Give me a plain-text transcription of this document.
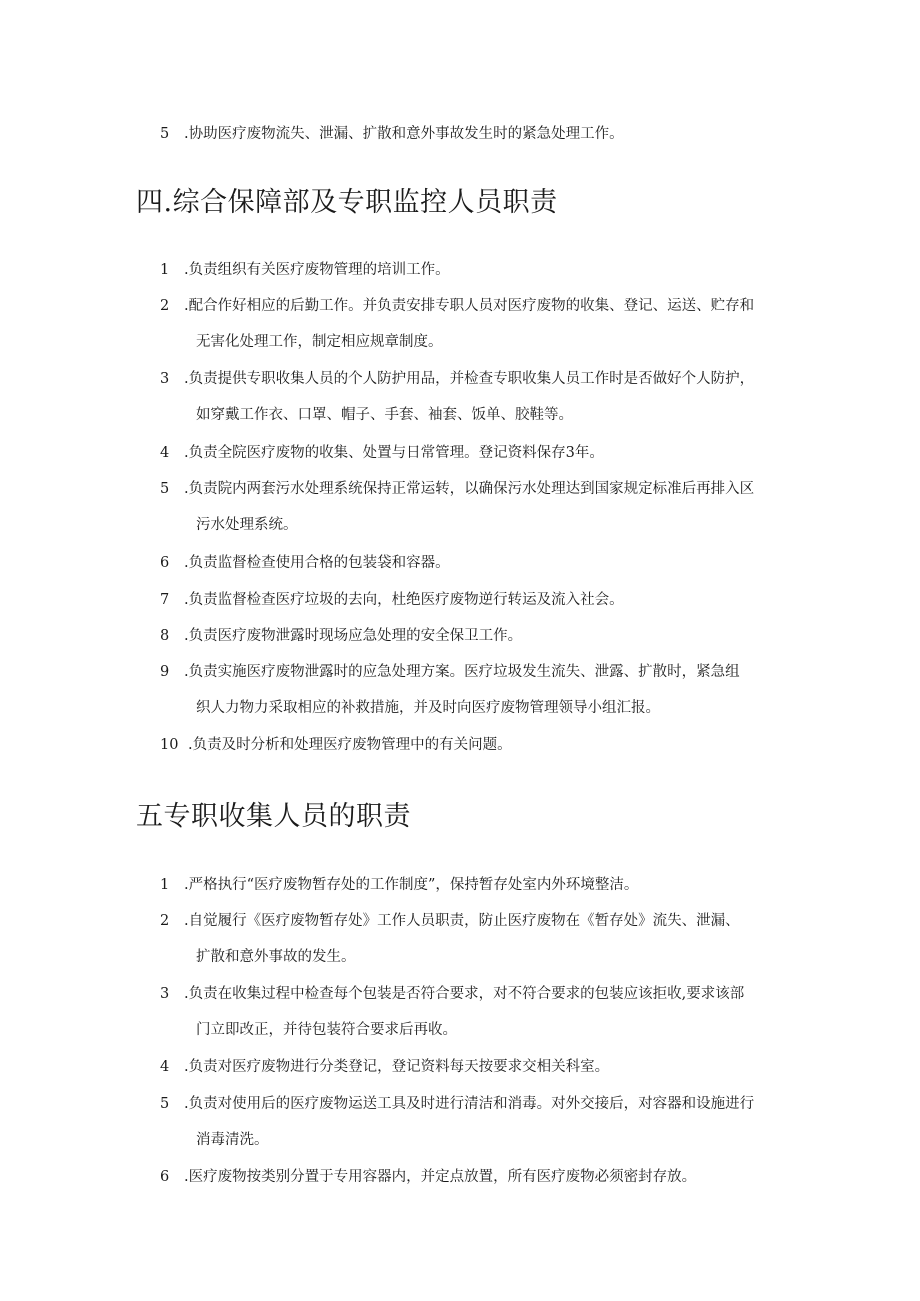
5 .协助医疗废物流失、泄漏、扩散和意外事故发生时的紧急处理工作。
四.综合保障部及专职监控人员职责
1 .负责组织有关医疗废物管理的培训工作。
2 .配合作好相应的后勤工作。并负责安排专职人员对医疗废物的收集、登记、运送、贮存和
无害化处理工作，制定相应规章制度。
3 .负责提供专职收集人员的个人防护用品，并检查专职收集人员工作时是否做好个人防护，
如穿戴工作衣、口罩、帽子、手套、袖套、饭单、胶鞋等。
4 .负责全院医疗废物的收集、处置与日常管理。登记资料保存3年。
5 .负责院内两套污水处理系统保持正常运转，以确保污水处理达到国家规定标准后再排入区
污水处理系统。
6 .负责监督检查使用合格的包装袋和容器。
7 .负责监督检查医疗垃圾的去向，杜绝医疗废物逆行转运及流入社会。
8 .负责医疗废物泄露时现场应急处理的安全保卫工作。
9 .负责实施医疗废物泄露时的应急处理方案。医疗垃圾发生流失、泄露、扩散时，紧急组
织人力物力采取相应的补救措施，并及时向医疗废物管理领导小组汇报。
10 .负责及时分析和处理医疗废物管理中的有关问题。
五专职收集人员的职责
1 .严格执行“医疗废物暂存处的工作制度”，保持暂存处室内外环境整洁。
2 .自觉履行《医疗废物暂存处》工作人员职责，防止医疗废物在《暂存处》流失、泄漏、
扩散和意外事故的发生。
3 .负责在收集过程中检查每个包装是否符合要求，对不符合要求的包装应该拒收,要求该部
门立即改正，并待包装符合要求后再收。
4 .负责对医疗废物进行分类登记，登记资料每天按要求交相关科室。
5 .负责对使用后的医疗废物运送工具及时进行清洁和消毒。对外交接后，对容器和设施进行
消毒清洗。
6 .医疗废物按类别分置于专用容器内，并定点放置，所有医疗废物必须密封存放。
